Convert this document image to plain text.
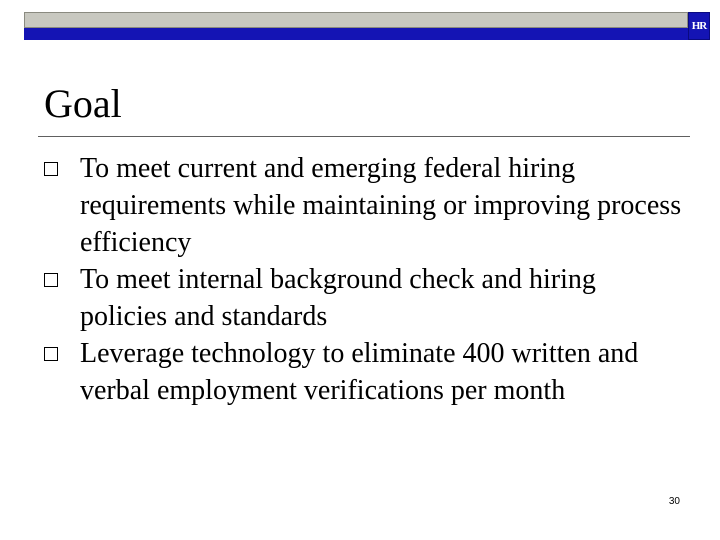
HR
Goal
To meet current and emerging federal hiring requirements while maintaining or improving process efficiency
To meet internal background check and hiring policies and standards
Leverage technology to eliminate 400 written and verbal employment verifications per month
30
